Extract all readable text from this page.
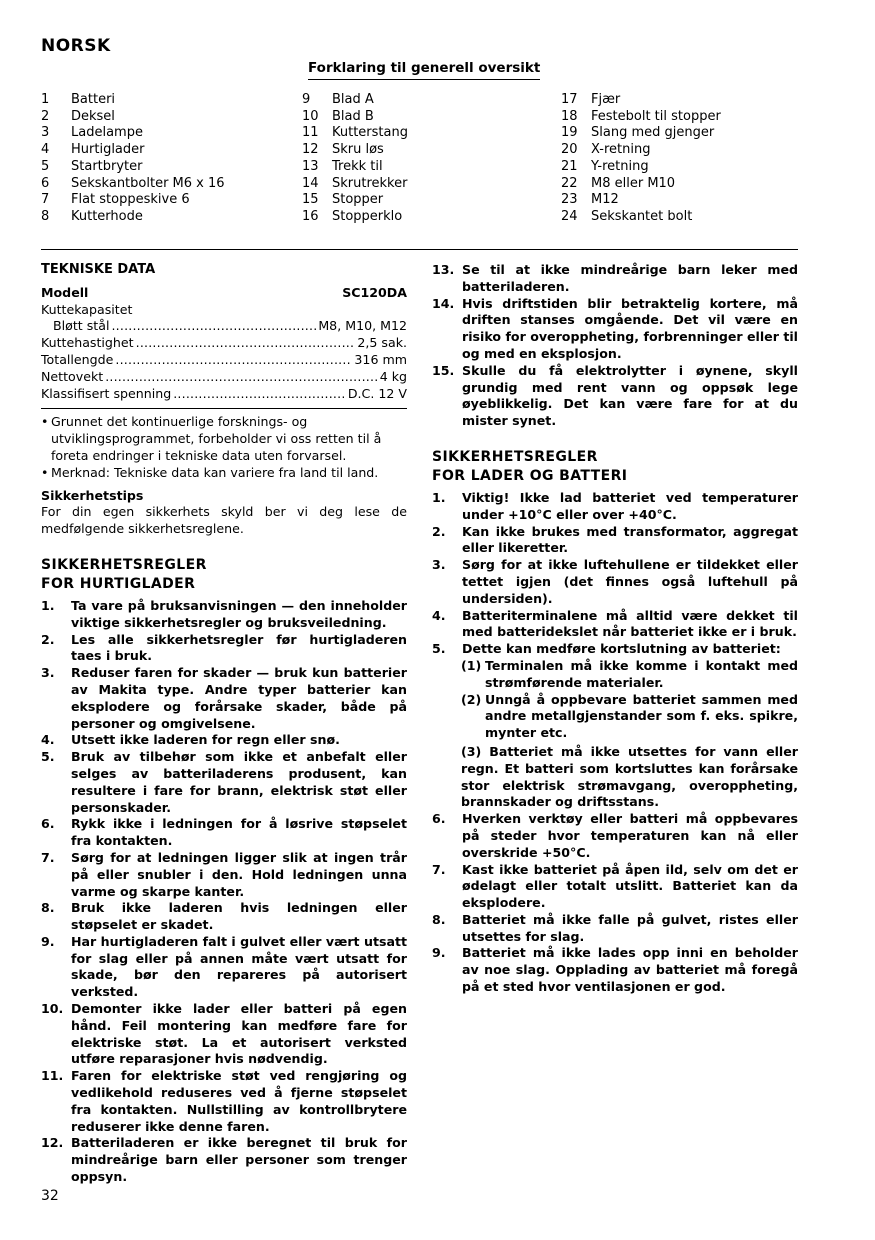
NORSK
Forklaring til generell oversikt
1	Batteri
2	Deksel
3	Ladelampe
4	Hurtiglader
5	Startbryter
6	Sekskantbolter M6 x 16
7	Flat stoppeskive 6
8	Kutterhode
9	Blad A
10	Blad B
11	Kutterstang
12	Skru løs
13	Trekk til
14	Skrutrekker
15	Stopper
16	Stopperklo
17	Fjær
18	Festebolt til stopper
19	Slang med gjenger
20	X-retning
21	Y-retning
22	M8 eller M10
23	M12
24	Sekskantet bolt
TEKNISKE DATA
Modell	SC120DA
Kuttekapasitet
Bløtt stål .....	M8, M10, M12
Kuttehastighet .....	2,5 sak.
Totallengde .....	316 mm
Nettovekt .....	4 kg
Klassifisert spenning .....	D.C. 12 V
• Grunnet det kontinuerlige forsknings- og utviklingsprogrammet, forbeholder vi oss retten til å foreta endringer i tekniske data uten forvarsel.
• Merknad: Tekniske data kan variere fra land til land.
Sikkerhetstips
For din egen sikkerhets skyld ber vi deg lese de medfølgende sikkerhetsreglene.
SIKKERHETSREGLER
FOR HURTIGLADER
1.	Ta vare på bruksanvisningen — den inneholder viktige sikkerhetsregler og bruksveiledning.
2.	Les alle sikkerhetsregler før hurtigladeren taes i bruk.
3.	Reduser faren for skader — bruk kun batterier av Makita type. Andre typer batterier kan eksplodere og forårsake skader, både på personer og omgivelsene.
4.	Utsett ikke laderen for regn eller snø.
5.	Bruk av tilbehør som ikke et anbefalt eller selges av batteriladerens produsent, kan resultere i fare for brann, elektrisk støt eller personskader.
6.	Rykk ikke i ledningen for å løsrive støpselet fra kontakten.
7.	Sørg for at ledningen ligger slik at ingen trår på eller snubler i den. Hold ledningen unna varme og skarpe kanter.
8.	Bruk ikke laderen hvis ledningen eller støpselet er skadet.
9.	Har hurtigladeren falt i gulvet eller vært utsatt for slag eller på annen måte vært utsatt for skade, bør den repareres på autorisert verksted.
10. Demonter ikke lader eller batteri på egen hånd. Feil montering kan medføre fare for elektriske støt. La et autorisert verksted utføre reparasjoner hvis nødvendig.
11. Faren for elektriske støt ved rengjøring og vedlikehold reduseres ved å fjerne støpselet fra kontakten. Nullstilling av kontrollbrytere reduserer ikke denne faren.
12. Batteriladeren er ikke beregnet til bruk for mindreårige barn eller personer som trenger oppsyn.
13. Se til at ikke mindreårige barn leker med batteriladeren.
14. Hvis driftstiden blir betraktelig kortere, må driften stanses omgående. Det vil være en risiko for overoppheting, forbrenninger eller til og med en eksplosjon.
15. Skulle du få elektrolytter i øynene, skyll grundig med rent vann og oppsøk lege øyeblikkelig. Det kan være fare for at du mister synet.
SIKKERHETSREGLER
FOR LADER OG BATTERI
1.	Viktig! Ikke lad batteriet ved temperaturer under +10°C eller over +40°C.
2.	Kan ikke brukes med transformator, aggregat eller likeretter.
3.	Sørg for at ikke luftehullene er tildekket eller tettet igjen (det finnes også luftehull på undersiden).
4.	Batteriterminalene må alltid være dekket til med batteridekslet når batteriet ikke er i bruk.
5.	Dette kan medføre kortslutning av batteriet:
(1) Terminalen må ikke komme i kontakt med strømførende materialer.
(2) Unngå å oppbevare batteriet sammen med andre metallgjenstander som f. eks. spikre, mynter etc.
(3) Batteriet må ikke utsettes for vann eller regn. Et batteri som kortsluttes kan forårsake stor elektrisk strømavgang, overoppheting, brannskader og driftsstans.
6.	Hverken verktøy eller batteri må oppbevares på steder hvor temperaturen kan nå eller overskride +50°C.
7.	Kast ikke batteriet på åpen ild, selv om det er ødelagt eller totalt utslitt. Batteriet kan da eksplodere.
8.	Batteriet må ikke falle på gulvet, ristes eller utsettes for slag.
9.	Batteriet må ikke lades opp inni en beholder av noe slag. Opplading av batteriet må foregå på et sted hvor ventilasjonen er god.
32
